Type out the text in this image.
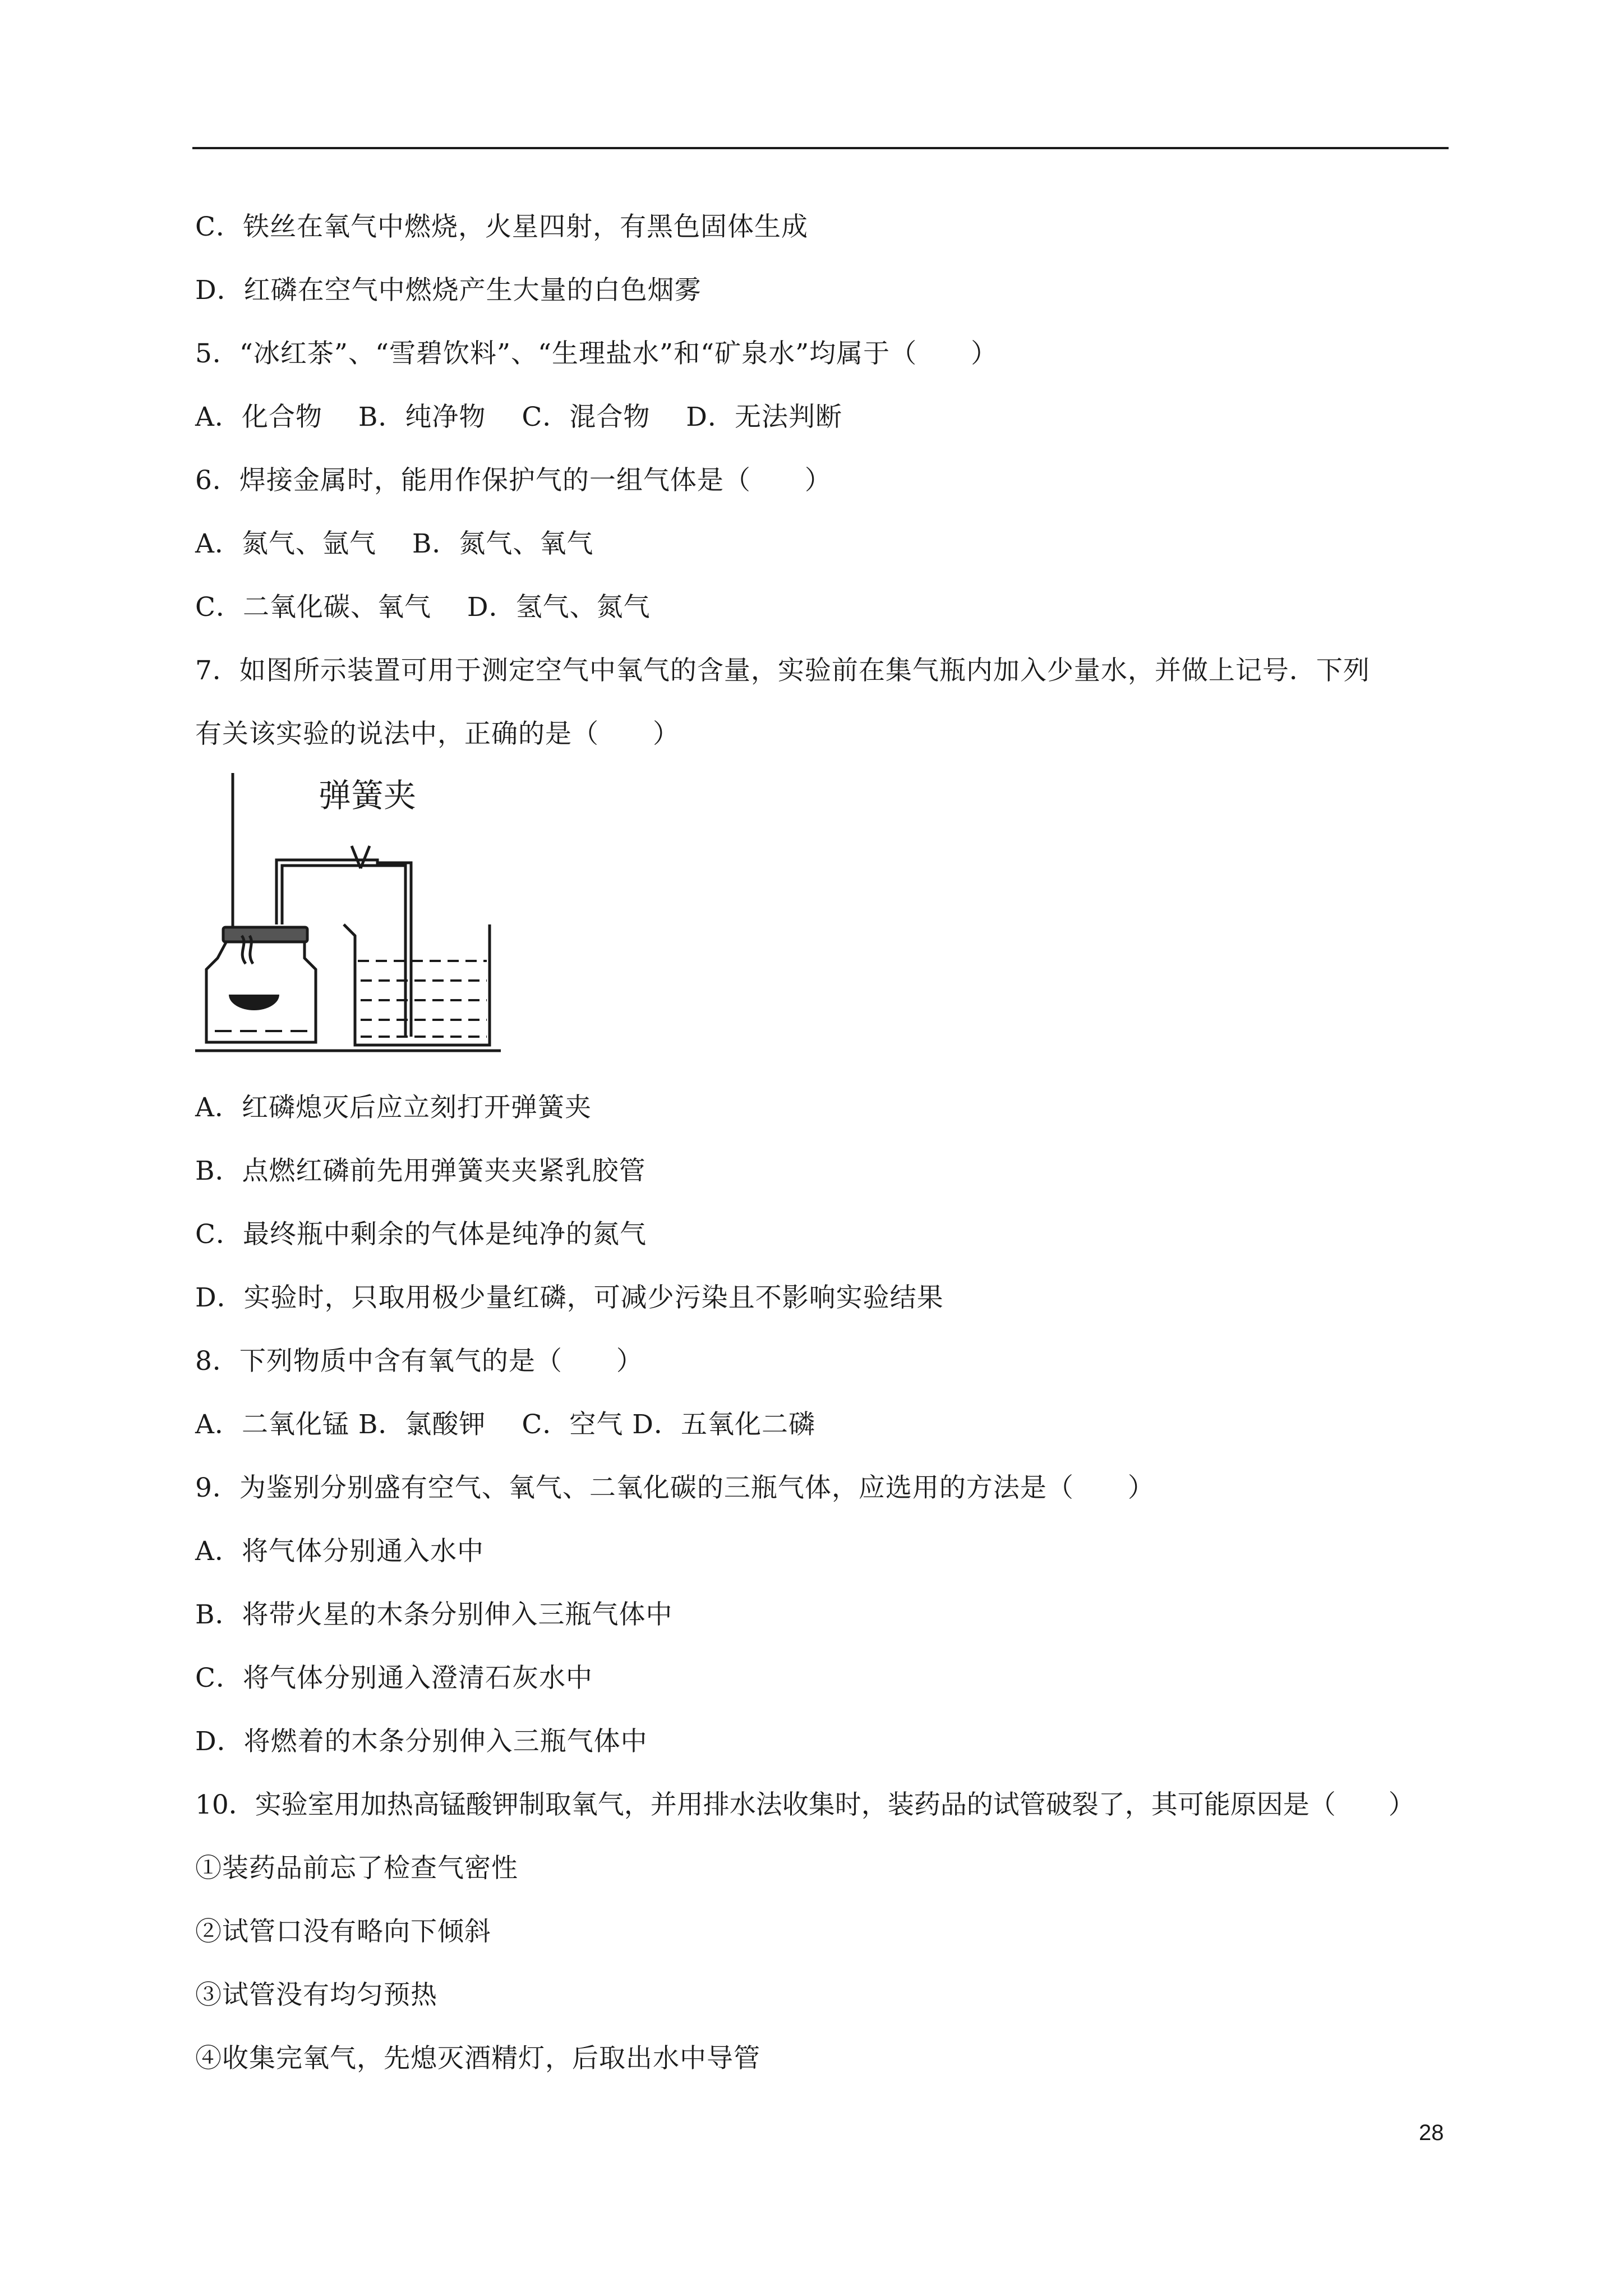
C．铁丝在氧气中燃烧，火星四射，有黑色固体生成
D．红磷在空气中燃烧产生大量的白色烟雾
5．“冰红茶”、“雪碧饮料”、“生理盐水”和“矿泉水”均属于（　　）
A．化合物　 B．纯净物　 C．混合物　 D．无法判断
6．焊接金属时，能用作保护气的一组气体是（　　）
A．氮气、氩气　 B．氮气、氧气
C．二氧化碳、氧气　 D．氢气、氮气
7．如图所示装置可用于测定空气中氧气的含量，实验前在集气瓶内加入少量水，并做上记号．下列
有关该实验的说法中，正确的是（　　）
弹簧夹
A．红磷熄灭后应立刻打开弹簧夹
B．点燃红磷前先用弹簧夹夹紧乳胶管
C．最终瓶中剩余的气体是纯净的氮气
D．实验时，只取用极少量红磷，可减少污染且不影响实验结果
8．下列物质中含有氧气的是（　　）
A．二氧化锰 B．氯酸钾　 C．空气 D．五氧化二磷
9．为鉴别分别盛有空气、氧气、二氧化碳的三瓶气体，应选用的方法是（　　）
A．将气体分别通入水中
B．将带火星的木条分别伸入三瓶气体中
C．将气体分别通入澄清石灰水中
D．将燃着的木条分别伸入三瓶气体中
10．实验室用加热高锰酸钾制取氧气，并用排水法收集时，装药品的试管破裂了，其可能原因是（　　）
①装药品前忘了检查气密性
②试管口没有略向下倾斜
③试管没有均匀预热
④收集完氧气，先熄灭酒精灯，后取出水中导管
28
